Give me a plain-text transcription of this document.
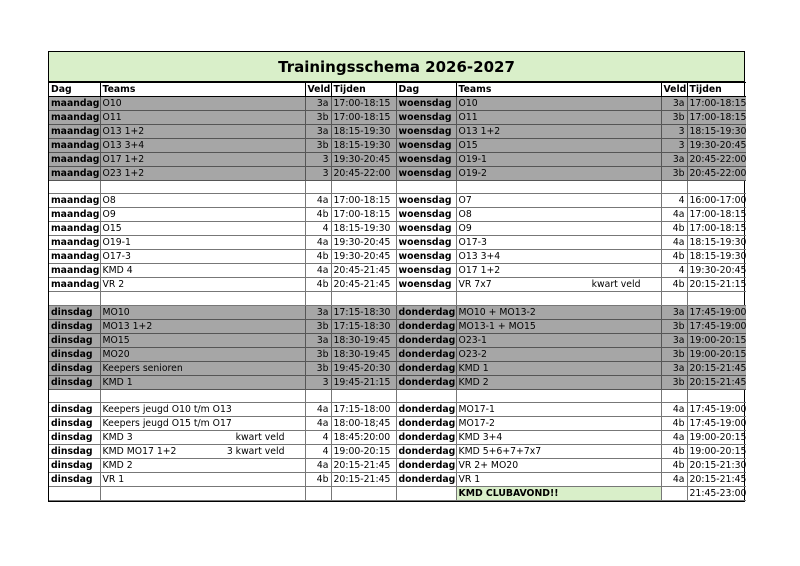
Trainingsschema 2026-2027
Dag	Teams	Veld	Tijden	Dag	Teams	Veld	Tijden
maandag	O10	3a	17:00-18:15	woensdag	O10	3a	17:00-18:15
maandag	O11	3b	17:00-18:15	woensdag	O11	3b	17:00-18:15
maandag	O13 1+2	3a	18:15-19:30	woensdag	O13 1+2	3	18:15-19:30
maandag	O13 3+4	3b	18:15-19:30	woensdag	O15	3	19:30-20:45
maandag	O17 1+2	3	19:30-20:45	woensdag	O19-1	3a	20:45-22:00
maandag	O23 1+2	3	20:45-22:00	woensdag	O19-2	3b	20:45-22:00

maandag	O8	4a	17:00-18:15	woensdag	O7	4	16:00-17:00
maandag	O9	4b	17:00-18:15	woensdag	O8	4a	17:00-18:15
maandag	O15	4	18:15-19:30	woensdag	O9	4b	17:00-18:15
maandag	O19-1	4a	19:30-20:45	woensdag	O17-3	4a	18:15-19:30
maandag	O17-3	4b	19:30-20:45	woensdag	O13 3+4	4b	18:15-19:30
maandag	KMD 4	4a	20:45-21:45	woensdag	O17 1+2	4	19:30-20:45
maandag	VR 2	4b	20:45-21:45	woensdag	VR 7x7 kwart veld	4b	20:15-21:15

dinsdag	MO10	3a	17:15-18:30	donderdag	MO10 + MO13-2	3a	17:45-19:00
dinsdag	MO13 1+2	3b	17:15-18:30	donderdag	MO13-1 + MO15	3b	17:45-19:00
dinsdag	MO15	3a	18:30-19:45	donderdag	O23-1	3a	19:00-20:15
dinsdag	MO20	3b	18:30-19:45	donderdag	O23-2	3b	19:00-20:15
dinsdag	Keepers senioren	3b	19:45-20:30	donderdag	KMD 1	3a	20:15-21:45
dinsdag	KMD 1	3	19:45-21:15	donderdag	KMD 2	3b	20:15-21:45

dinsdag	Keepers jeugd O10 t/m O13	4a	17:15-18:00	donderdag	MO17-1	4a	17:45-19:00
dinsdag	Keepers jeugd O15 t/m O17	4a	18:00-18;45	donderdag	MO17-2	4b	17:45-19:00
dinsdag	KMD 3 kwart veld	4	18:45:20:00	donderdag	KMD 3+4	4a	19:00-20:15
dinsdag	KMD MO17 1+2 3 kwart veld	4	19:00-20:15	donderdag	KMD 5+6+7+7x7	4b	19:00-20:15
dinsdag	KMD 2	4a	20:15-21:45	donderdag	VR 2+ MO20	4b	20:15-21:30
dinsdag	VR 1	4b	20:15-21:45	donderdag	VR 1	4a	20:15-21:45
					KMD CLUBAVOND!!		21:45-23:00
